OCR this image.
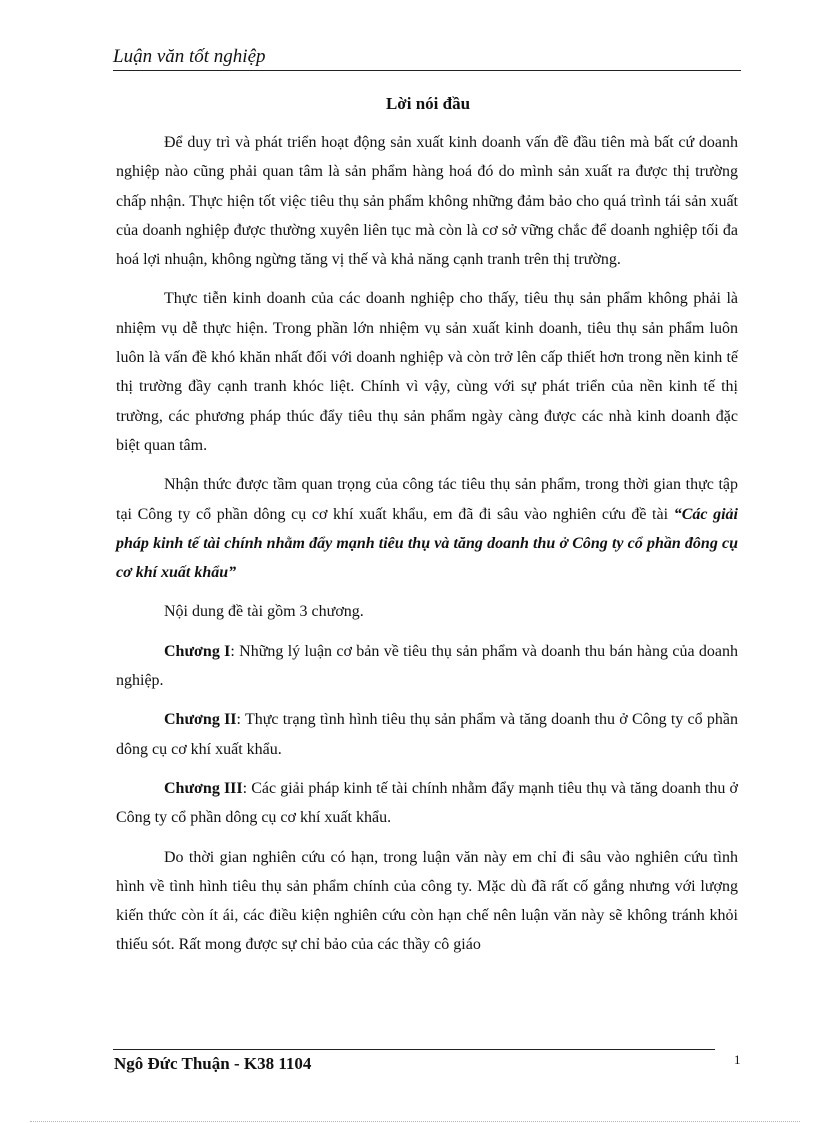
Luận văn tốt nghiệp
Lời nói đầu

Để duy trì và phát triển hoạt động sản xuất kinh doanh vấn đề đầu tiên mà bất cứ doanh nghiệp nào cũng phải quan tâm là sản phẩm hàng hoá đó do mình sản xuất ra được thị trường chấp nhận. Thực hiện tốt việc tiêu thụ sản phẩm không những đảm bảo cho quá trình tái sản xuất của doanh nghiệp được thường xuyên liên tục mà còn là cơ sở vững chắc để doanh nghiệp tối đa hoá lợi nhuận, không ngừng tăng vị thế và khả năng cạnh tranh trên thị trường.

Thực tiễn kinh doanh của các doanh nghiệp cho thấy, tiêu thụ sản phẩm không phải là nhiệm vụ dễ thực hiện. Trong phần lớn nhiệm vụ sản xuất kinh doanh, tiêu thụ sản phẩm luôn luôn là vấn đề khó khăn nhất đối với doanh nghiệp và còn trở lên cấp thiết hơn trong nền kinh tế thị trường đầy cạnh tranh khóc liệt. Chính vì vậy, cùng với sự phát triển của nền kinh tế thị trường, các phương pháp thúc đẩy tiêu thụ sản phẩm ngày càng được các nhà kinh doanh đặc biệt quan tâm.

Nhận thức được tầm quan trọng của công tác tiêu thụ sản phẩm, trong thời gian thực tập tại Công ty cổ phần dông cụ cơ khí xuất khẩu, em đã đi sâu vào nghiên cứu đề tài “Các giải pháp kinh tế tài chính nhằm đẩy mạnh tiêu thụ và tăng doanh thu ở Công ty cổ phần đông cụ cơ khí xuất khẩu”

Nội dung đề tài gồm 3 chương.

Chương I: Những lý luận cơ bản về tiêu thụ sản phẩm và doanh thu bán hàng của doanh nghiệp.

Chương II: Thực trạng tình hình tiêu thụ sản phẩm và tăng doanh thu ở Công ty cổ phần dông cụ cơ khí xuất khẩu.

Chương III: Các giải pháp kinh tế tài chính nhằm đẩy mạnh tiêu thụ và tăng doanh thu ở Công ty cổ phần dông cụ cơ khí xuất khẩu.

Do thời gian nghiên cứu có hạn, trong luận văn này em chỉ đi sâu vào nghiên cứu tình hình về tình hình tiêu thụ sản phẩm chính của công ty. Mặc dù đã rất cố gắng nhưng với lượng kiến thức còn ít ái, các điều kiện nghiên cứu còn hạn chế nên luận văn này sẽ không tránh khỏi thiếu sót. Rất mong được sự chỉ bảo của các thầy cô giáo

Ngô Đức Thuận - K38 1104	1
